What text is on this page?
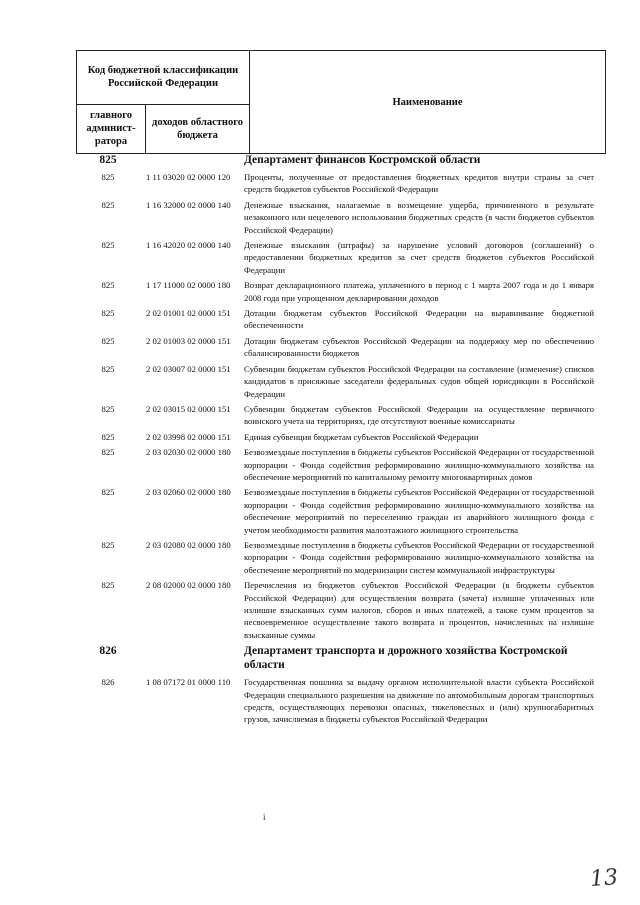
Код бюджетной классификации Российской Федерации		Наименование
главного админист-ратора	доходов областного бюджета	
825	Департамент финансов Костромской области
825	1 11 03020 02 0000 120	Проценты, полученные от предоставления бюджетных кредитов внутри страны за счет средств бюджетов субъектов Российской Федерации
825	1 16 32000 02 0000 140	Денежные взыскания, налагаемые в возмещение ущерба, причиненного в результате незаконного или нецелевого использования бюджетных средств (в части бюджетов субъектов Российской Федерации)
825	1 16 42020 02 0000 140	Денежные взыскания (штрафы) за нарушение условий договоров (соглашений) о предоставлении бюджетных кредитов за счет средств бюджетов субъектов Российской Федерации
825	1 17 11000 02 0000 180	Возврат декларационного платежа, уплаченного в период с 1 марта 2007 года и до 1 января 2008 года при упрощенном декларировании доходов
825	2 02 01001 02 0000 151	Дотации бюджетам субъектов Российской Федерации на выравнивание бюджетной обеспеченности
825	2 02 01003 02 0000 151	Дотации бюджетам субъектов Российской Федерации на поддержку мер по обеспечению сбалансированности бюджетов
825	2 02 03007 02 0000 151	Субвенции бюджетам субъектов Российской Федерации на составление (изменение) списков кандидатов в присяжные заседатели федеральных судов общей юрисдикции в Российской Федерации
825	2 02 03015 02 0000 151	Субвенции бюджетам субъектов Российской Федерации на осуществление первичного воинского учета на территориях, где отсутствуют военные комиссариаты
825	2 02 03998 02 0000 151	Единая субвенция бюджетам субъектов Российской Федерации
825	2 03 02030 02 0000 180	Безвозмездные поступления в бюджеты субъектов Российской Федерации от государственной корпорации - Фонда содействия реформированию жилищно-коммунального хозяйства на обеспечение мероприятий по капитальному ремонту многоквартирных домов
825	2 03 02060 02 0000 180	Безвозмездные поступления в бюджеты субъектов Российской Федерации от государственной корпорации - Фонда содействия реформированию жилищно-коммунального хозяйства на обеспечение мероприятий по переселению граждан из аварийного жилищного фонда с учетом необходимости развития малоэтажного жилищного строительства
825	2 03 02080 02 0000 180	Безвозмездные поступления в бюджеты субъектов Российской Федерации от государственной корпорации - Фонда содействия реформированию жилищно-коммунального хозяйства на обеспечение мероприятий по модернизации систем коммунальной инфраструктуры
825	2 08 02000 02 0000 180	Перечисления из бюджетов субъектов Российской Федерации (в бюджеты субъектов Российской Федерации) для осуществления возврата (зачета) излишне уплаченных или излишне взысканных сумм налогов, сборов и иных платежей, а также сумм процентов за несвоевременное осуществление такого возврата и процентов, начисленных на излишне взысканные суммы
826	Департамент транспорта и дорожного хозяйства Костромской области
826	1 08 07172 01 0000 110	Государственная пошлина за выдачу органом исполнительной власти субъекта Российской Федерации специального разрешения на движение по автомобильным дорогам транспортных средств, осуществляющих перевозки опасных, тяжеловесных и (или) крупногабаритных грузов, зачисляемая в бюджеты субъектов Российской Федерации
i
13
